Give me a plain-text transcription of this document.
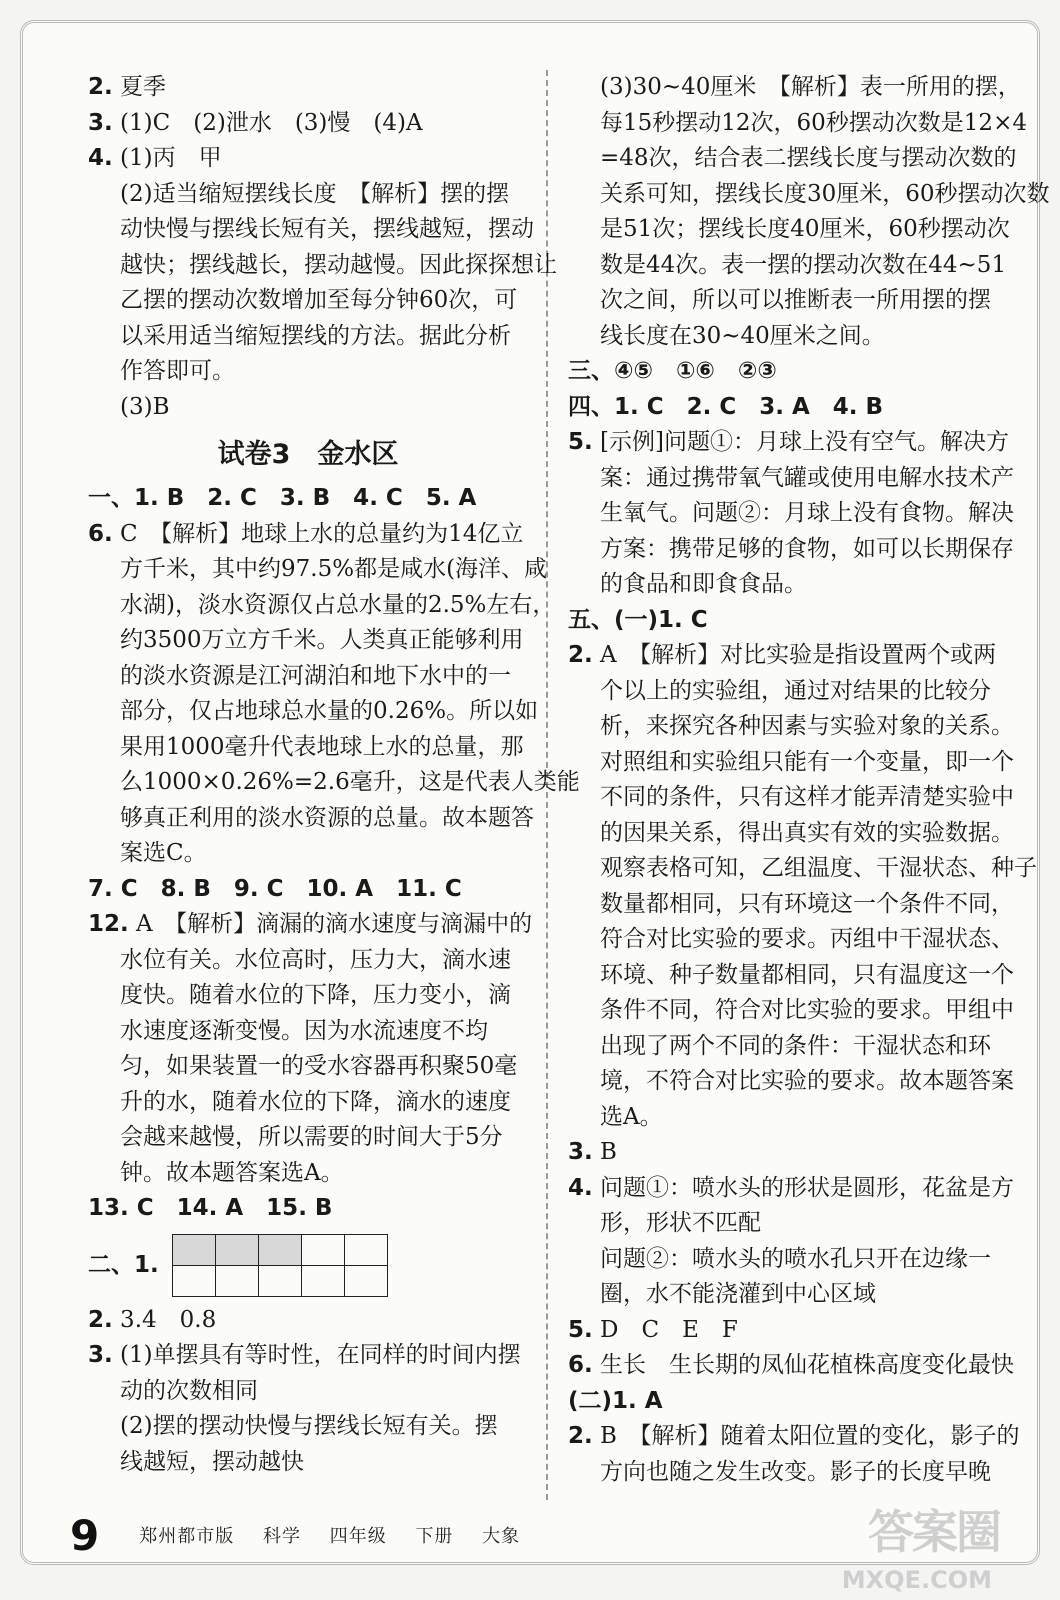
2. 夏季
3. (1)C　(2)泄水　(3)慢　(4)A
4. (1)丙　甲
(2)适当缩短摆线长度　【解析】摆的摆
动快慢与摆线长短有关，摆线越短，摆动
越快；摆线越长，摆动越慢。因此探探想让
乙摆的摆动次数增加至每分钟60次，可
以采用适当缩短摆线的方法。据此分析
作答即可。
(3)B
试卷3　金水区
一、1. B　2. C　3. B　4. C　5. A
6. C　【解析】地球上水的总量约为14亿立
方千米，其中约97.5%都是咸水(海洋、咸
水湖)，淡水资源仅占总水量的2.5%左右，
约3500万立方千米。人类真正能够利用
的淡水资源是江河湖泊和地下水中的一
部分，仅占地球总水量的0.26%。所以如
果用1000毫升代表地球上水的总量，那
么1000×0.26%=2.6毫升，这是代表人类能
够真正利用的淡水资源的总量。故本题答
案选C。
7. C　8. B　9. C　10. A　11. C
12. A　【解析】滴漏的滴水速度与滴漏中的
水位有关。水位高时，压力大，滴水速
度快。随着水位的下降，压力变小，滴
水速度逐渐变慢。因为水流速度不均
匀，如果装置一的受水容器再积聚50毫
升的水，随着水位的下降，滴水的速度
会越来越慢，所以需要的时间大于5分
钟。故本题答案选A。
13. C　14. A　15. B
二、1.

2. 3.4　0.8
3. (1)单摆具有等时性，在同样的时间内摆
动的次数相同
(2)摆的摆动快慢与摆线长短有关。摆
线越短，摆动越快
(3)30~40厘米　【解析】表一所用的摆，
每15秒摆动12次，60秒摆动次数是12×4
=48次，结合表二摆线长度与摆动次数的
关系可知，摆线长度30厘米，60秒摆动次数
是51次；摆线长度40厘米，60秒摆动次
数是44次。表一摆的摆动次数在44~51
次之间，所以可以推断表一所用摆的摆
线长度在30~40厘米之间。
三、④⑤　①⑥　②③
四、1. C　2. C　3. A　4. B
5. [示例]问题①：月球上没有空气。解决方
案：通过携带氧气罐或使用电解水技术产
生氧气。问题②：月球上没有食物。解决
方案：携带足够的食物，如可以长期保存
的食品和即食食品。
五、(一)1. C
2. A　【解析】对比实验是指设置两个或两
个以上的实验组，通过对结果的比较分
析，来探究各种因素与实验对象的关系。
对照组和实验组只能有一个变量，即一个
不同的条件，只有这样才能弄清楚实验中
的因果关系，得出真实有效的实验数据。
观察表格可知，乙组温度、干湿状态、种子
数量都相同，只有环境这一个条件不同，
符合对比实验的要求。丙组中干湿状态、
环境、种子数量都相同，只有温度这一个
条件不同，符合对比实验的要求。甲组中
出现了两个不同的条件：干湿状态和环
境，不符合对比实验的要求。故本题答案
选A。
3. B
4. 问题①：喷水头的形状是圆形，花盆是方
形，形状不匹配
问题②：喷水头的喷水孔只开在边缘一
圈，水不能浇灌到中心区域
5. D　C　E　F
6. 生长　生长期的凤仙花植株高度变化最快
(二)1. A
2. B　【解析】随着太阳位置的变化，影子的
方向也随之发生改变。影子的长度早晚
9 郑州都市版 科学 四年级 下册 大象	答案圈
MXQE.COM
